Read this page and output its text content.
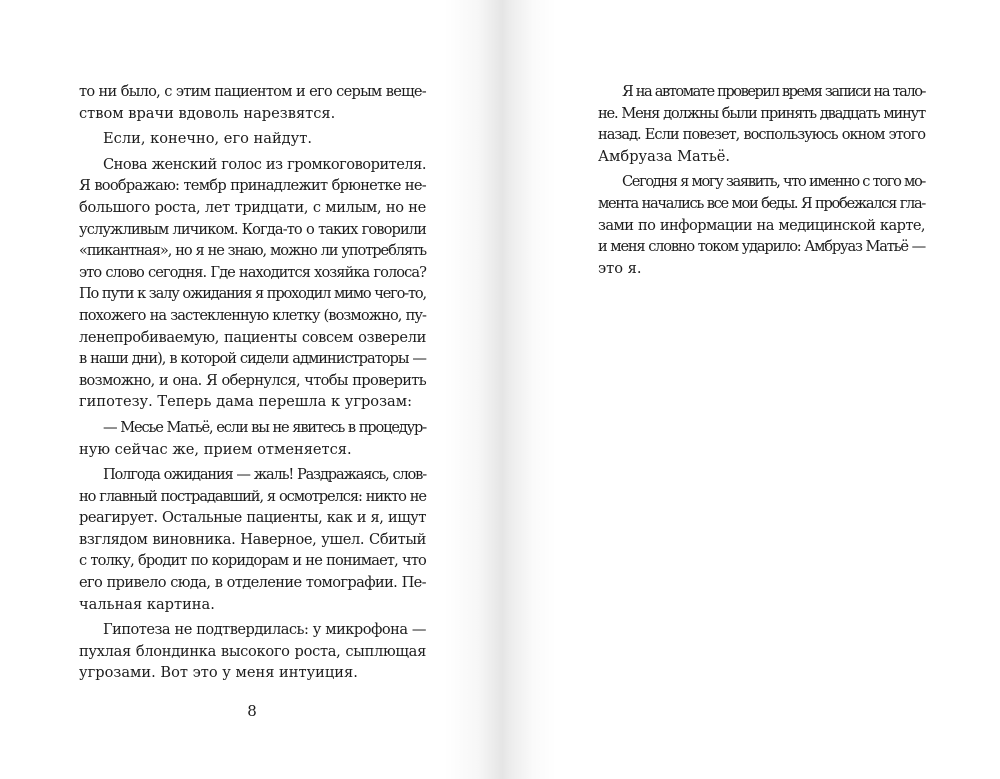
то ни было, с этим пациентом и его серым веще-
ством врачи вдоволь нарезвятся.
Если, конечно, его найдут.
Снова женский голос из громкоговорителя.
Я воображаю: тембр принадлежит брюнетке не-
большого роста, лет тридцати, с милым, но не
услужливым личиком. Когда-то о таких говорили
«пикантная», но я не знаю, можно ли употреблять
это слово сегодня. Где находится хозяйка голоса?
По пути к залу ожидания я проходил мимо чего-то,
похожего на застекленную клетку (возможно, пу-
ленепробиваемую, пациенты совсем озверели
в наши дни), в которой сидели администраторы —
возможно, и она. Я обернулся, чтобы проверить
гипотезу. Теперь дама перешла к угрозам:
— Месье Матьё, если вы не явитесь в процедур-
ную сейчас же, прием отменяется.
Полгода ожидания — жаль! Раздражаясь, слов-
но главный пострадавший, я осмотрелся: никто не
реагирует. Остальные пациенты, как и я, ищут
взглядом виновника. Наверное, ушел. Сбитый
с толку, бродит по коридорам и не понимает, что
его привело сюда, в отделение томографии. Пе-
чальная картина.
Гипотеза не подтвердилась: у микрофона —
пухлая блондинка высокого роста, сыплющая
угрозами. Вот это у меня интуиция.
8
Я на автомате проверил время записи на тало-
не. Меня должны были принять двадцать минут
назад. Если повезет, воспользуюсь окном этого
Амбруаза Матьё.
Сегодня я могу заявить, что именно с того мо-
мента начались все мои беды. Я пробежался гла-
зами по информации на медицинской карте,
и меня словно током ударило: Амбруаз Матьё —
это я.
